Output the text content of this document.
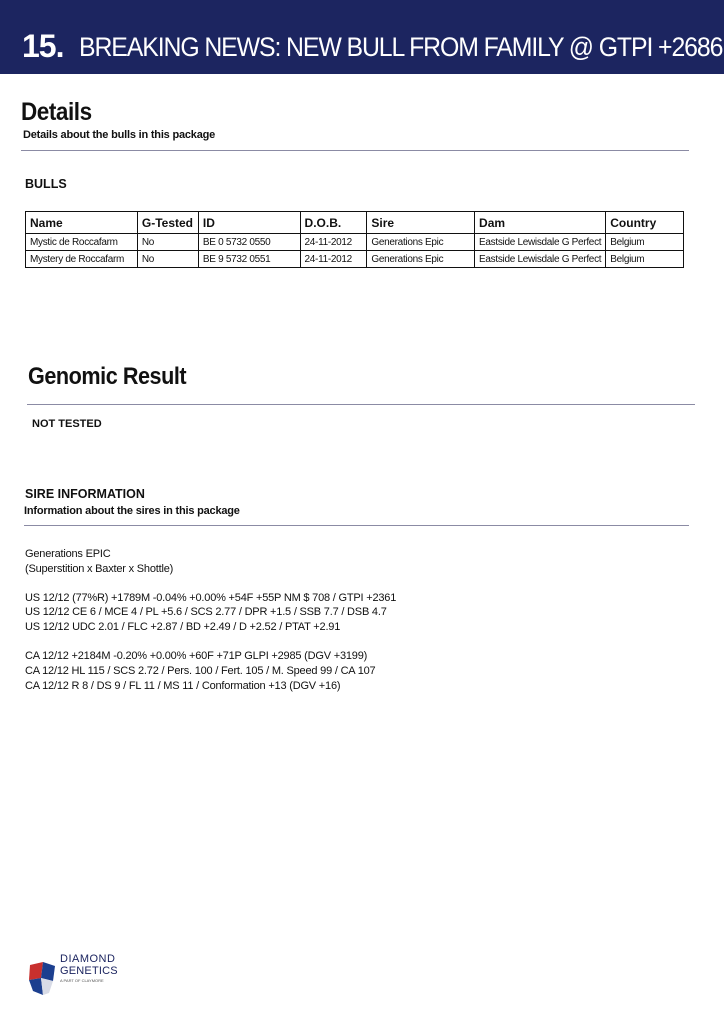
15. BREAKING NEWS: NEW BULL FROM FAMILY @ GTPI +2686
Details
Details about the bulls in this package
BULLS
Name	G-Tested	ID	D.O.B.	Sire	Dam	Country
Mystic de Roccafarm	No	BE 0 5732 0550	24-11-2012	Generations Epic	Eastside Lewisdale G Perfect	Belgium
Mystery de Roccafarm	No	BE 9 5732 0551	24-11-2012	Generations Epic	Eastside Lewisdale G Perfect	Belgium
Genomic Result
NOT TESTED
SIRE INFORMATION
Information about the sires in this package
Generations EPIC
(Superstition x Baxter x Shottle)
US 12/12 (77%R) +1789M -0.04% +0.00% +54F +55P NM $ 708 / GTPI +2361
US 12/12 CE 6 / MCE 4 / PL +5.6 / SCS 2.77 / DPR +1.5 / SSB 7.7 / DSB 4.7
US 12/12 UDC 2.01 / FLC +2.87 / BD +2.49 / D +2.52 / PTAT +2.91
CA 12/12 +2184M -0.20% +0.00% +60F +71P GLPI +2985 (DGV +3199)
CA 12/12 HL 115 / SCS 2.72 / Pers. 100 / Fert. 105 / M. Speed 99 / CA 107
CA 12/12 R 8 / DS 9 / FL 11 / MS 11 / Conformation +13 (DGV +16)
DIAMOND
GENETICS
A PART OF CLAYMORE
